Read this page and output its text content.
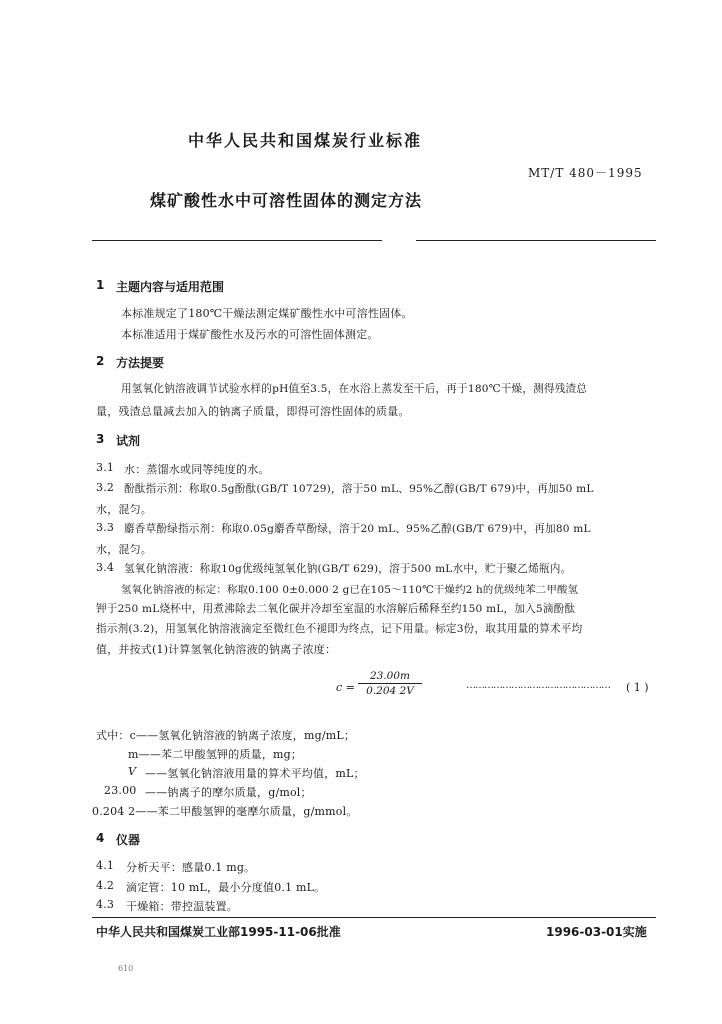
中华人民共和国煤炭行业标准
MT/T 480－1995
煤矿酸性水中可溶性固体的测定方法
1 主题内容与适用范围
本标准规定了180℃干燥法测定煤矿酸性水中可溶性固体。
本标准适用于煤矿酸性水及污水的可溶性固体测定。
2 方法提要
用氢氧化钠溶液调节试验水样的pH值至3.5，在水浴上蒸发至干后，再于180℃干燥，测得残渣总
量，残渣总量减去加入的钠离子质量，即得可溶性固体的质量。
3 试剂
3.1 水：蒸馏水或同等纯度的水。
3.2 酚酞指示剂：称取0.5g酚酞(GB/T 10729)，溶于50 mL、95%乙醇(GB/T 679)中，再加50 mL
水，混匀。
3.3 麝香草酚绿指示剂：称取0.05g麝香草酚绿，溶于20 mL、95%乙醇(GB/T 679)中，再加80 mL
水，混匀。
3.4 氢氧化钠溶液：称取10g优级纯氢氧化钠(GB/T 629)，溶于500 mL水中，贮于聚乙烯瓶内。
氢氧化钠溶液的标定：称取0.100 0±0.000 2 g已在105～110℃干燥约2 h的优级纯苯二甲酸氢
钾于250 mL烧杯中，用煮沸除去二氧化碳并冷却至室温的水溶解后稀释至约150 mL，加入5滴酚酞
指示剂(3.2)，用氢氧化钠溶液滴定至微红色不褪即为终点，记下用量。标定3份，取其用量的算术平均
值，并按式(1)计算氢氧化钠溶液的钠离子浓度：
c =
23.00m
0.204 2V	………………………………………… ( 1 )
式中：c——氢氧化钠溶液的钠离子浓度，mg/mL；
m——苯二甲酸氢钾的质量，mg；
V ——氢氧化钠溶液用量的算术平均值，mL；
23.00 ——钠离子的摩尔质量，g/mol；
0.204 2——苯二甲酸氢钾的毫摩尔质量，g/mmol。
4 仪器
4.1 分析天平：感量0.1 mg。
4.2 滴定管：10 mL，最小分度值0.1 mL。
4.3 干燥箱：带控温装置。
中华人民共和国煤炭工业部1995-11-06批准	1996-03-01实施
610
